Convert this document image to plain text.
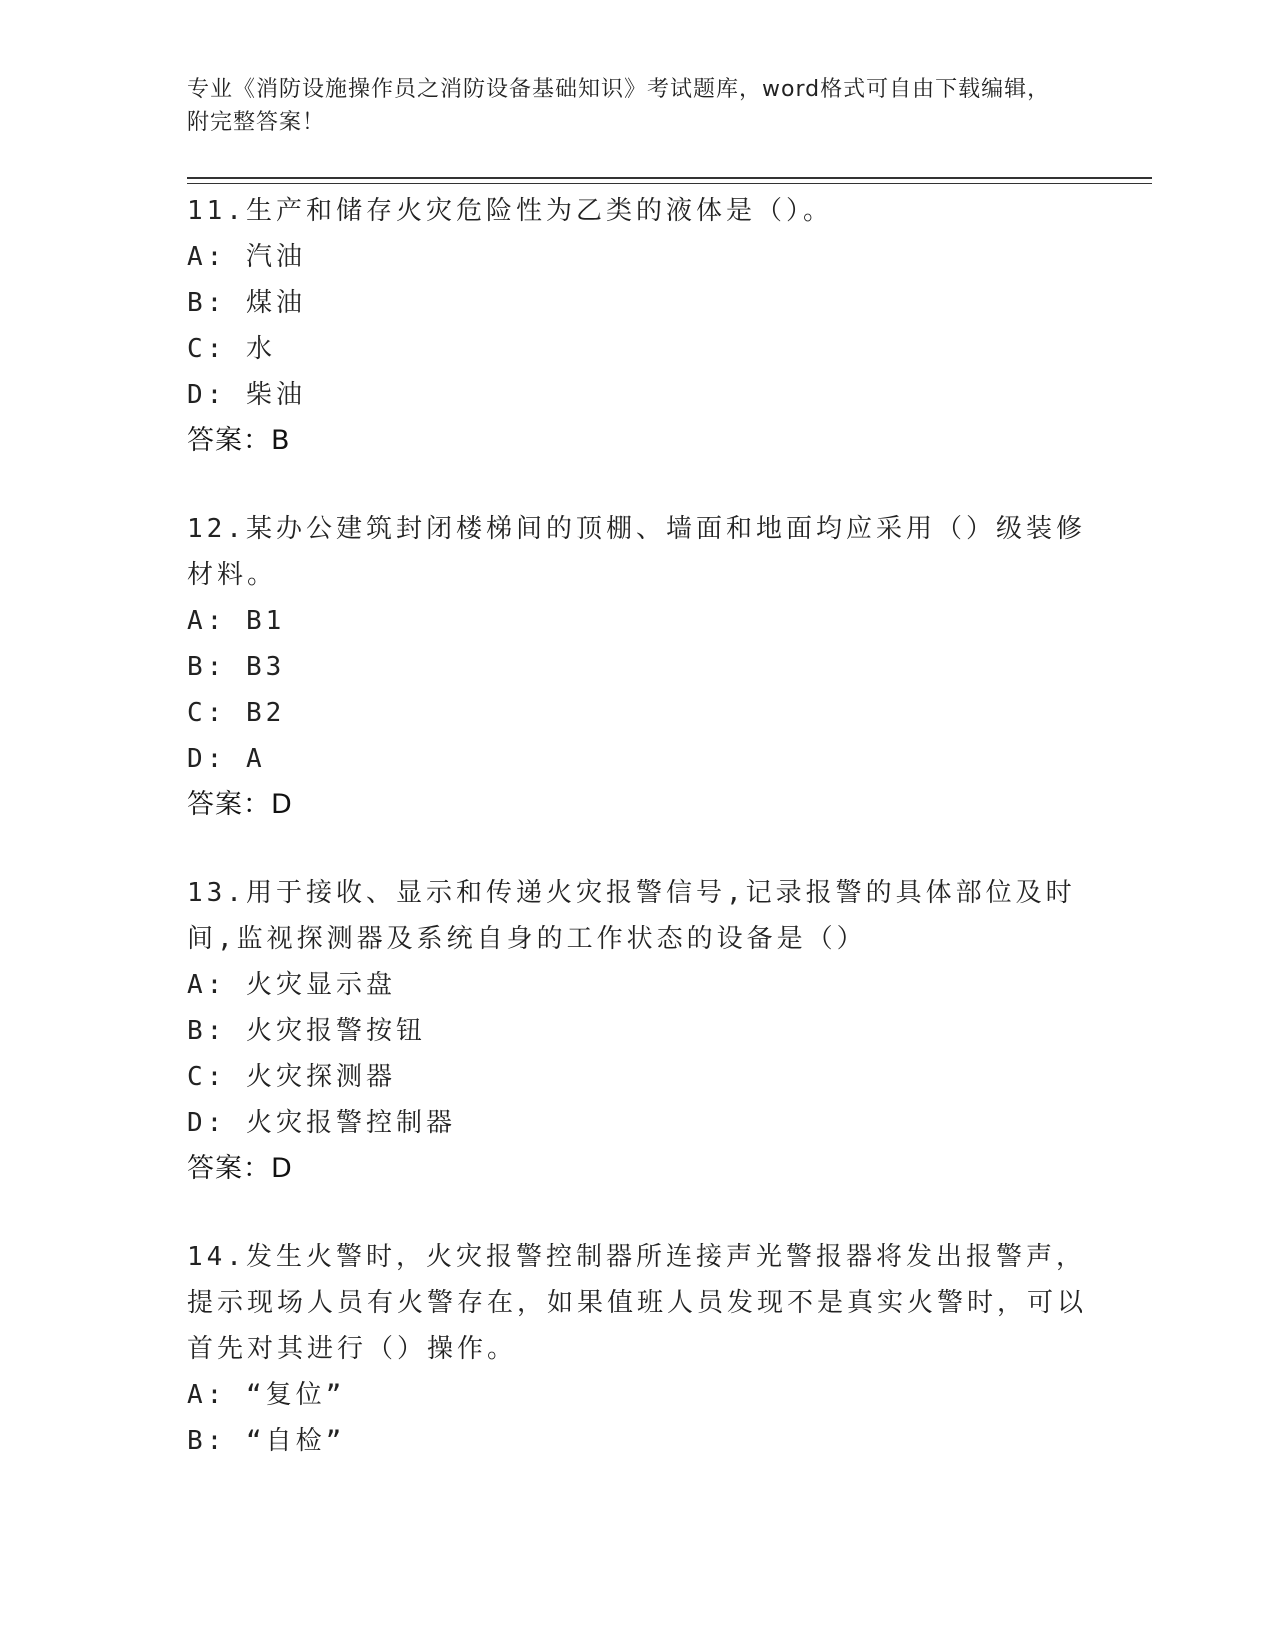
专业《消防设施操作员之消防设备基础知识》考试题库，word格式可自由下载编辑，附完整答案！

11.生产和储存火灾危险性为乙类的液体是（）。

A: 汽油

B: 煤油

C: 水

D: 柴油

答案：B

12.某办公建筑封闭楼梯间的顶棚、墙面和地面均应采用（）级装修材料。

A: B1

B: B3

C: B2

D: A

答案：D

13.用于接收、显示和传递火灾报警信号,记录报警的具体部位及时间,监视探测器及系统自身的工作状态的设备是（）

A: 火灾显示盘

B: 火灾报警按钮

C: 火灾探测器

D: 火灾报警控制器

答案：D

14.发生火警时，火灾报警控制器所连接声光警报器将发出报警声，提示现场人员有火警存在，如果值班人员发现不是真实火警时，可以首先对其进行（）操作。

A: “复位”

B: “自检”
